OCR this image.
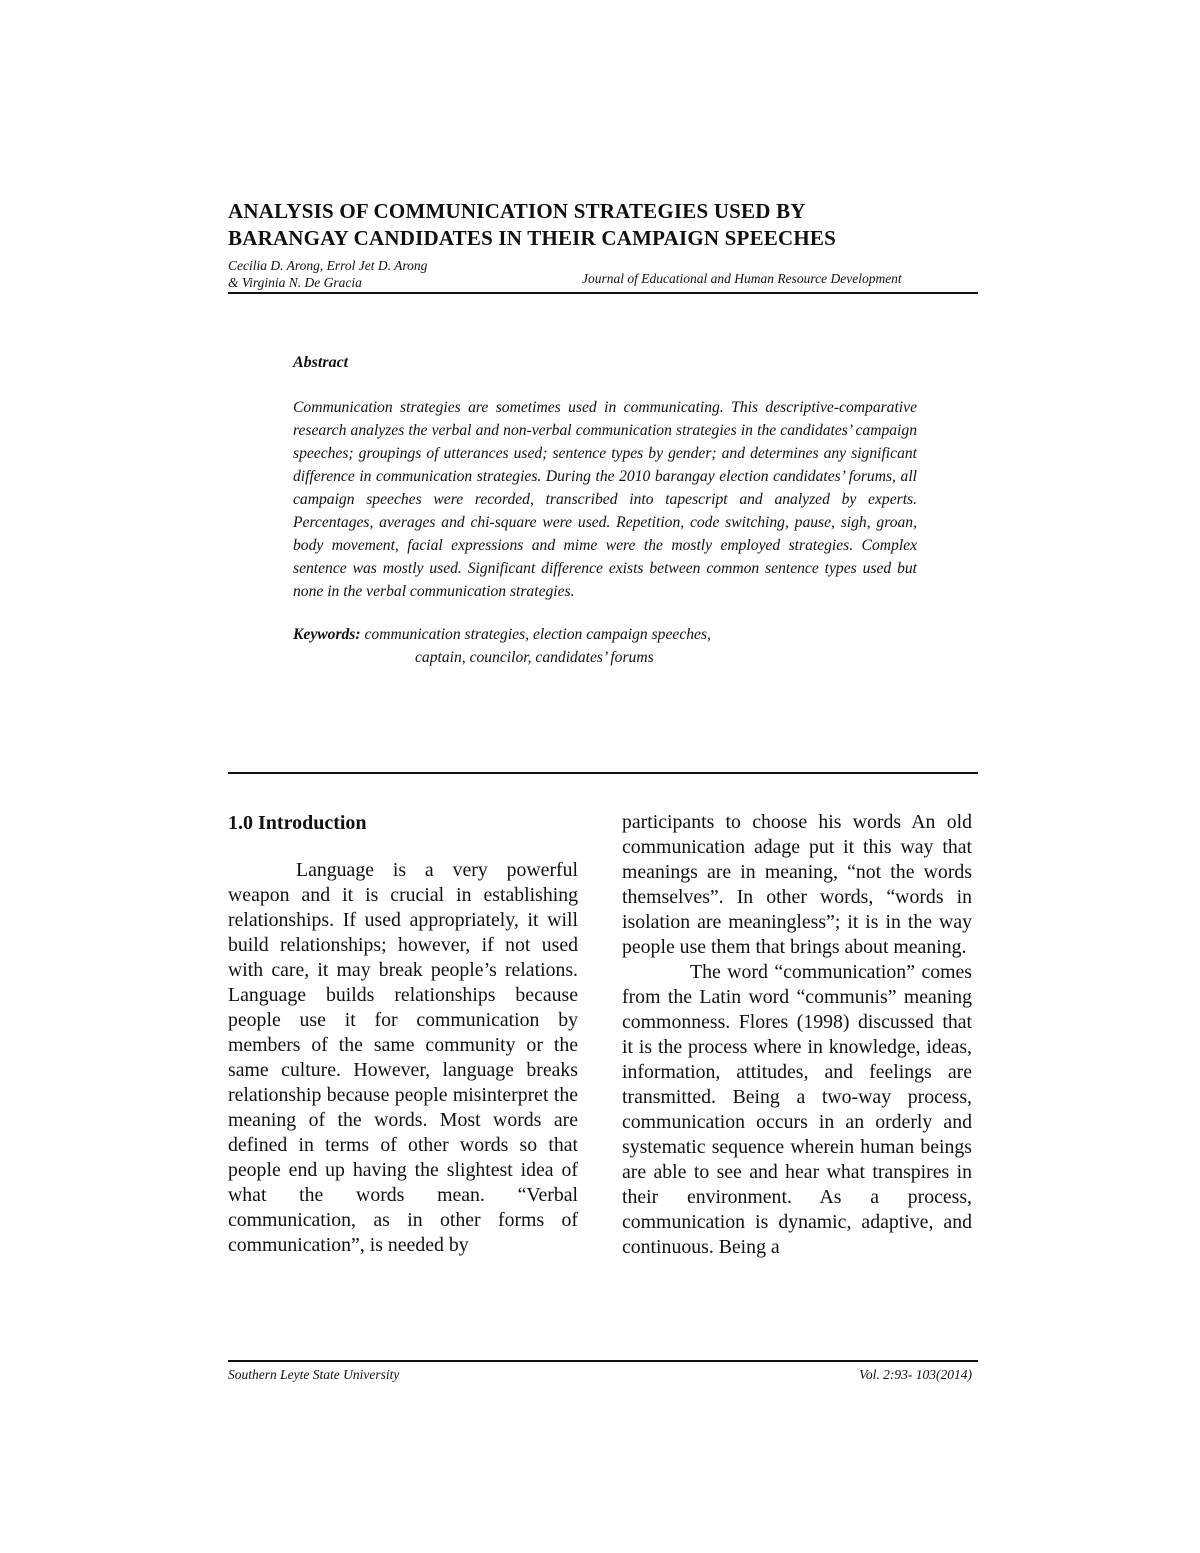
ANALYSIS OF COMMUNICATION STRATEGIES USED BY
BARANGAY CANDIDATES IN THEIR CAMPAIGN SPEECHES
Cecilia D. Arong, Errol Jet D. Arong
& Virginia N. De Gracia	Journal of Educational and Human Resource Development
Abstract
Communication strategies are sometimes used in communicating. This descriptive-comparative research analyzes the verbal and non-verbal communication strategies in the candidates’ campaign speeches; groupings of utterances used; sentence types by gender; and determines any significant difference in communication strategies. During the 2010 barangay election candidates’ forums, all campaign speeches were recorded, transcribed into tapescript and analyzed by experts. Percentages, averages and chi-square were used. Repetition, code switching, pause, sigh, groan, body movement, facial expressions and mime were the mostly employed strategies. Complex sentence was mostly used. Significant difference exists between common sentence types used but none in the verbal communication strategies.
Keywords: communication strategies, election campaign speeches,
captain, councilor, candidates’ forums
1.0 Introduction

Language is a very powerful weapon and it is crucial in establishing relationships. If used appropriately, it will build relationships; however, if not used with care, it may break people’s relations. Language builds relationships because people use it for communication by members of the same community or the same culture. However, language breaks relationship because people misinterpret the meaning of the words. Most words are defined in terms of other words so that people end up having the slightest idea of what the words mean. “Verbal communication, as in other forms of communication”, is needed by

participants to choose his words An old communication adage put it this way that meanings are in meaning, “not the words themselves”. In other words, “words in isolation are meaningless”; it is in the way people use them that brings about meaning.

The word “communication” comes from the Latin word “communis” meaning commonness. Flores (1998) discussed that it is the process where in knowledge, ideas, information, attitudes, and feelings are transmitted. Being a two-way process, communication occurs in an orderly and systematic sequence wherein human beings are able to see and hear what transpires in their environment. As a process, communication is dynamic, adaptive, and continuous. Being a

Southern Leyte State University	Vol. 2:93- 103(2014)
